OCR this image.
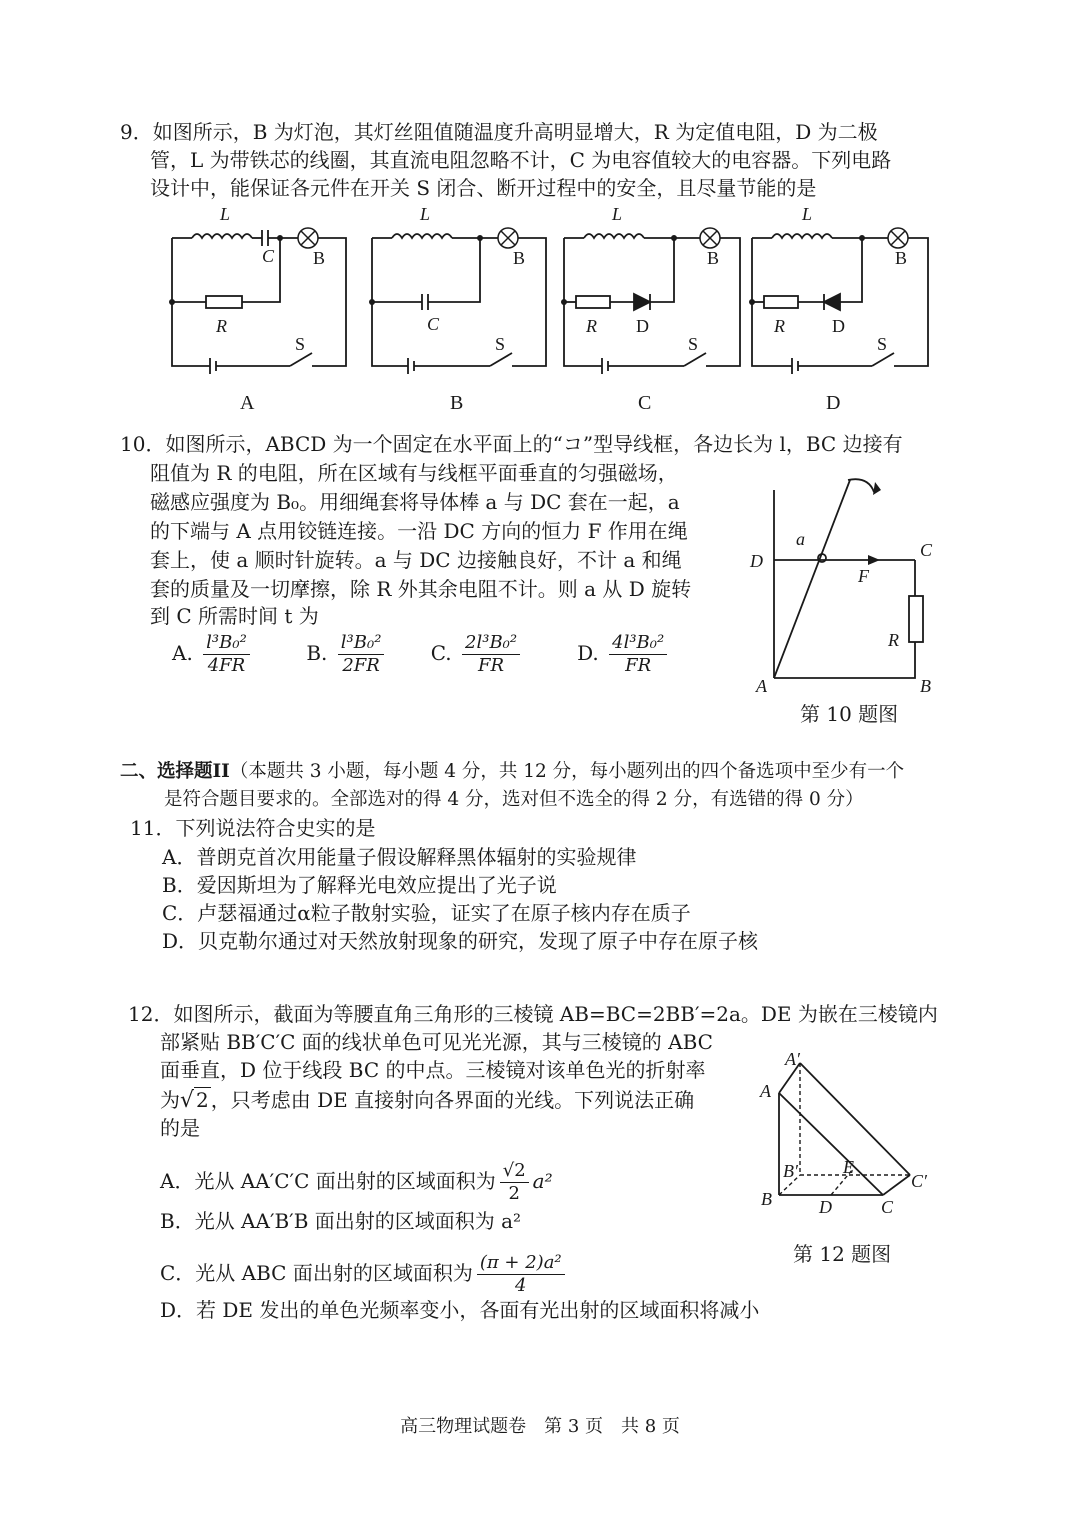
9．如图所示，B 为灯泡，其灯丝阻值随温度升高明显增大，R 为定值电阻，D 为二极
管，L 为带铁芯的线圈，其直流电阻忽略不计，C 为电容值较大的电容器。下列电路
设计中，能保证各元件在开关 S 闭合、断开过程中的安全，且尽量节能的是
L
C B
R
S
L
B
C
S
L
B
R D
S
L
B
R	D
S
A	B	C	D
10．如图所示，ABCD 为一个固定在水平面上的“コ”型导线框，各边长为 l，BC 边接有
阻值为 R 的电阻，所在区域有与线框平面垂直的匀强磁场，
磁感应强度为 B₀。用细绳套将导体棒 a 与 DC 套在一起，a
的下端与 A 点用铰链连接。一沿 DC 方向的恒力 F 作用在绳
套上，使 a 顺时针旋转。a 与 DC 边接触良好，不计 a 和绳
套的质量及一切摩擦，除 R 外其余电阻不计。则 a 从 D 旋转
到 C 所需时间 t 为
A. $\frac{\text{l³B₀²}}{4FR}$	B. $\frac{\text{l³B₀²}}{2FR} C$. $\frac{\text{2l³B₀²}}{FR}$	D. $\frac{\text{4l³B₀²}}{FR}$
D
C
A	B
a
F
R
第 10 题图
二、选择题II（本题共 3 小题，每小题 4 分，共 12 分，每小题列出的四个备选项中至少有一个
是符合题目要求的。全部选对的得 4 分，选对但不选全的得 2 分，有选错的得 0 分）
11．下列说法符合史实的是
A．普朗克首次用能量子假设解释黑体辐射的实验规律
B．爱因斯坦为了解释光电效应提出了光子说
C．卢瑟福通过α粒子散射实验，证实了在原子核内存在质子
D．贝克勒尔通过对天然放射现象的研究，发现了原子中存在原子核
12．如图所示，截面为等腰直角三角形的三棱镜 AB=BC=2BB′=2a。DE 为嵌在三棱镜内
部紧贴 BB′C′C 面的线状单色可见光光源，其与三棱镜的 ABC
面垂直，D 位于线段 BC 的中点。三棱镜对该单色光的折射率
为√ 2 ，只考虑由 DE 直接射向各界面的光线。下列说法正确
的是
A．光从 AA′C′C 面出射的区域面积为 $\frac{√2}{2} a^2$
B．光从 AA′B′B 面出射的区域面积为 a²
C．光从 ABC 面出射的区域面积为 $\frac{\text{(π + 2)a²}}{4}$
D．若 DE 发出的单色光频率变小，各面有光出射的区域面积将减小
A′
A
B′	E
C′
B	D	C
第 12 题图
高三物理试题卷　第 3 页　共 8 页
